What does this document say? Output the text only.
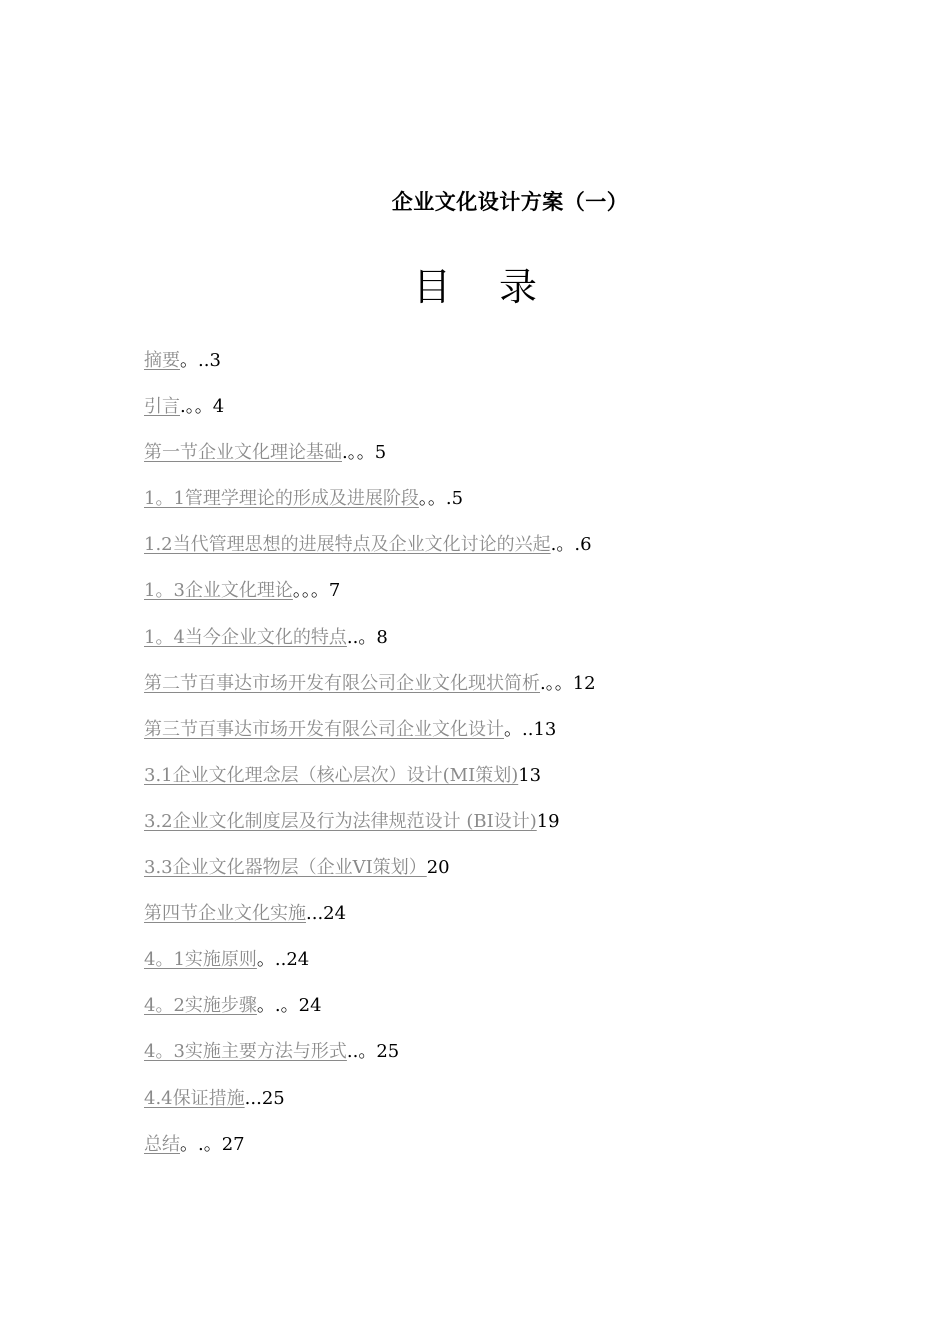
企业文化设计方案（一）
目 录
摘要。..3
引言.。。4
第一节企业文化理论基础.。。5
1。1管理学理论的形成及进展阶段。。.5
1.2当代管理思想的进展特点及企业文化讨论的兴起.。.6
1。3企业文化理论。。。7
1。4当今企业文化的特点..。8
第二节百事达市场开发有限公司企业文化现状简析.。。12
第三节百事达市场开发有限公司企业文化设计。..13
3.1企业文化理念层（核心层次）设计(MI策划)13
3.2企业文化制度层及行为法律规范设计 (BI设计)19
3.3企业文化器物层（企业VI策划）20
第四节企业文化实施...24
4。1实施原则。..24
4。2实施步骤。.。24
4。3实施主要方法与形式..。25
4.4保证措施...25
总结。.。27
